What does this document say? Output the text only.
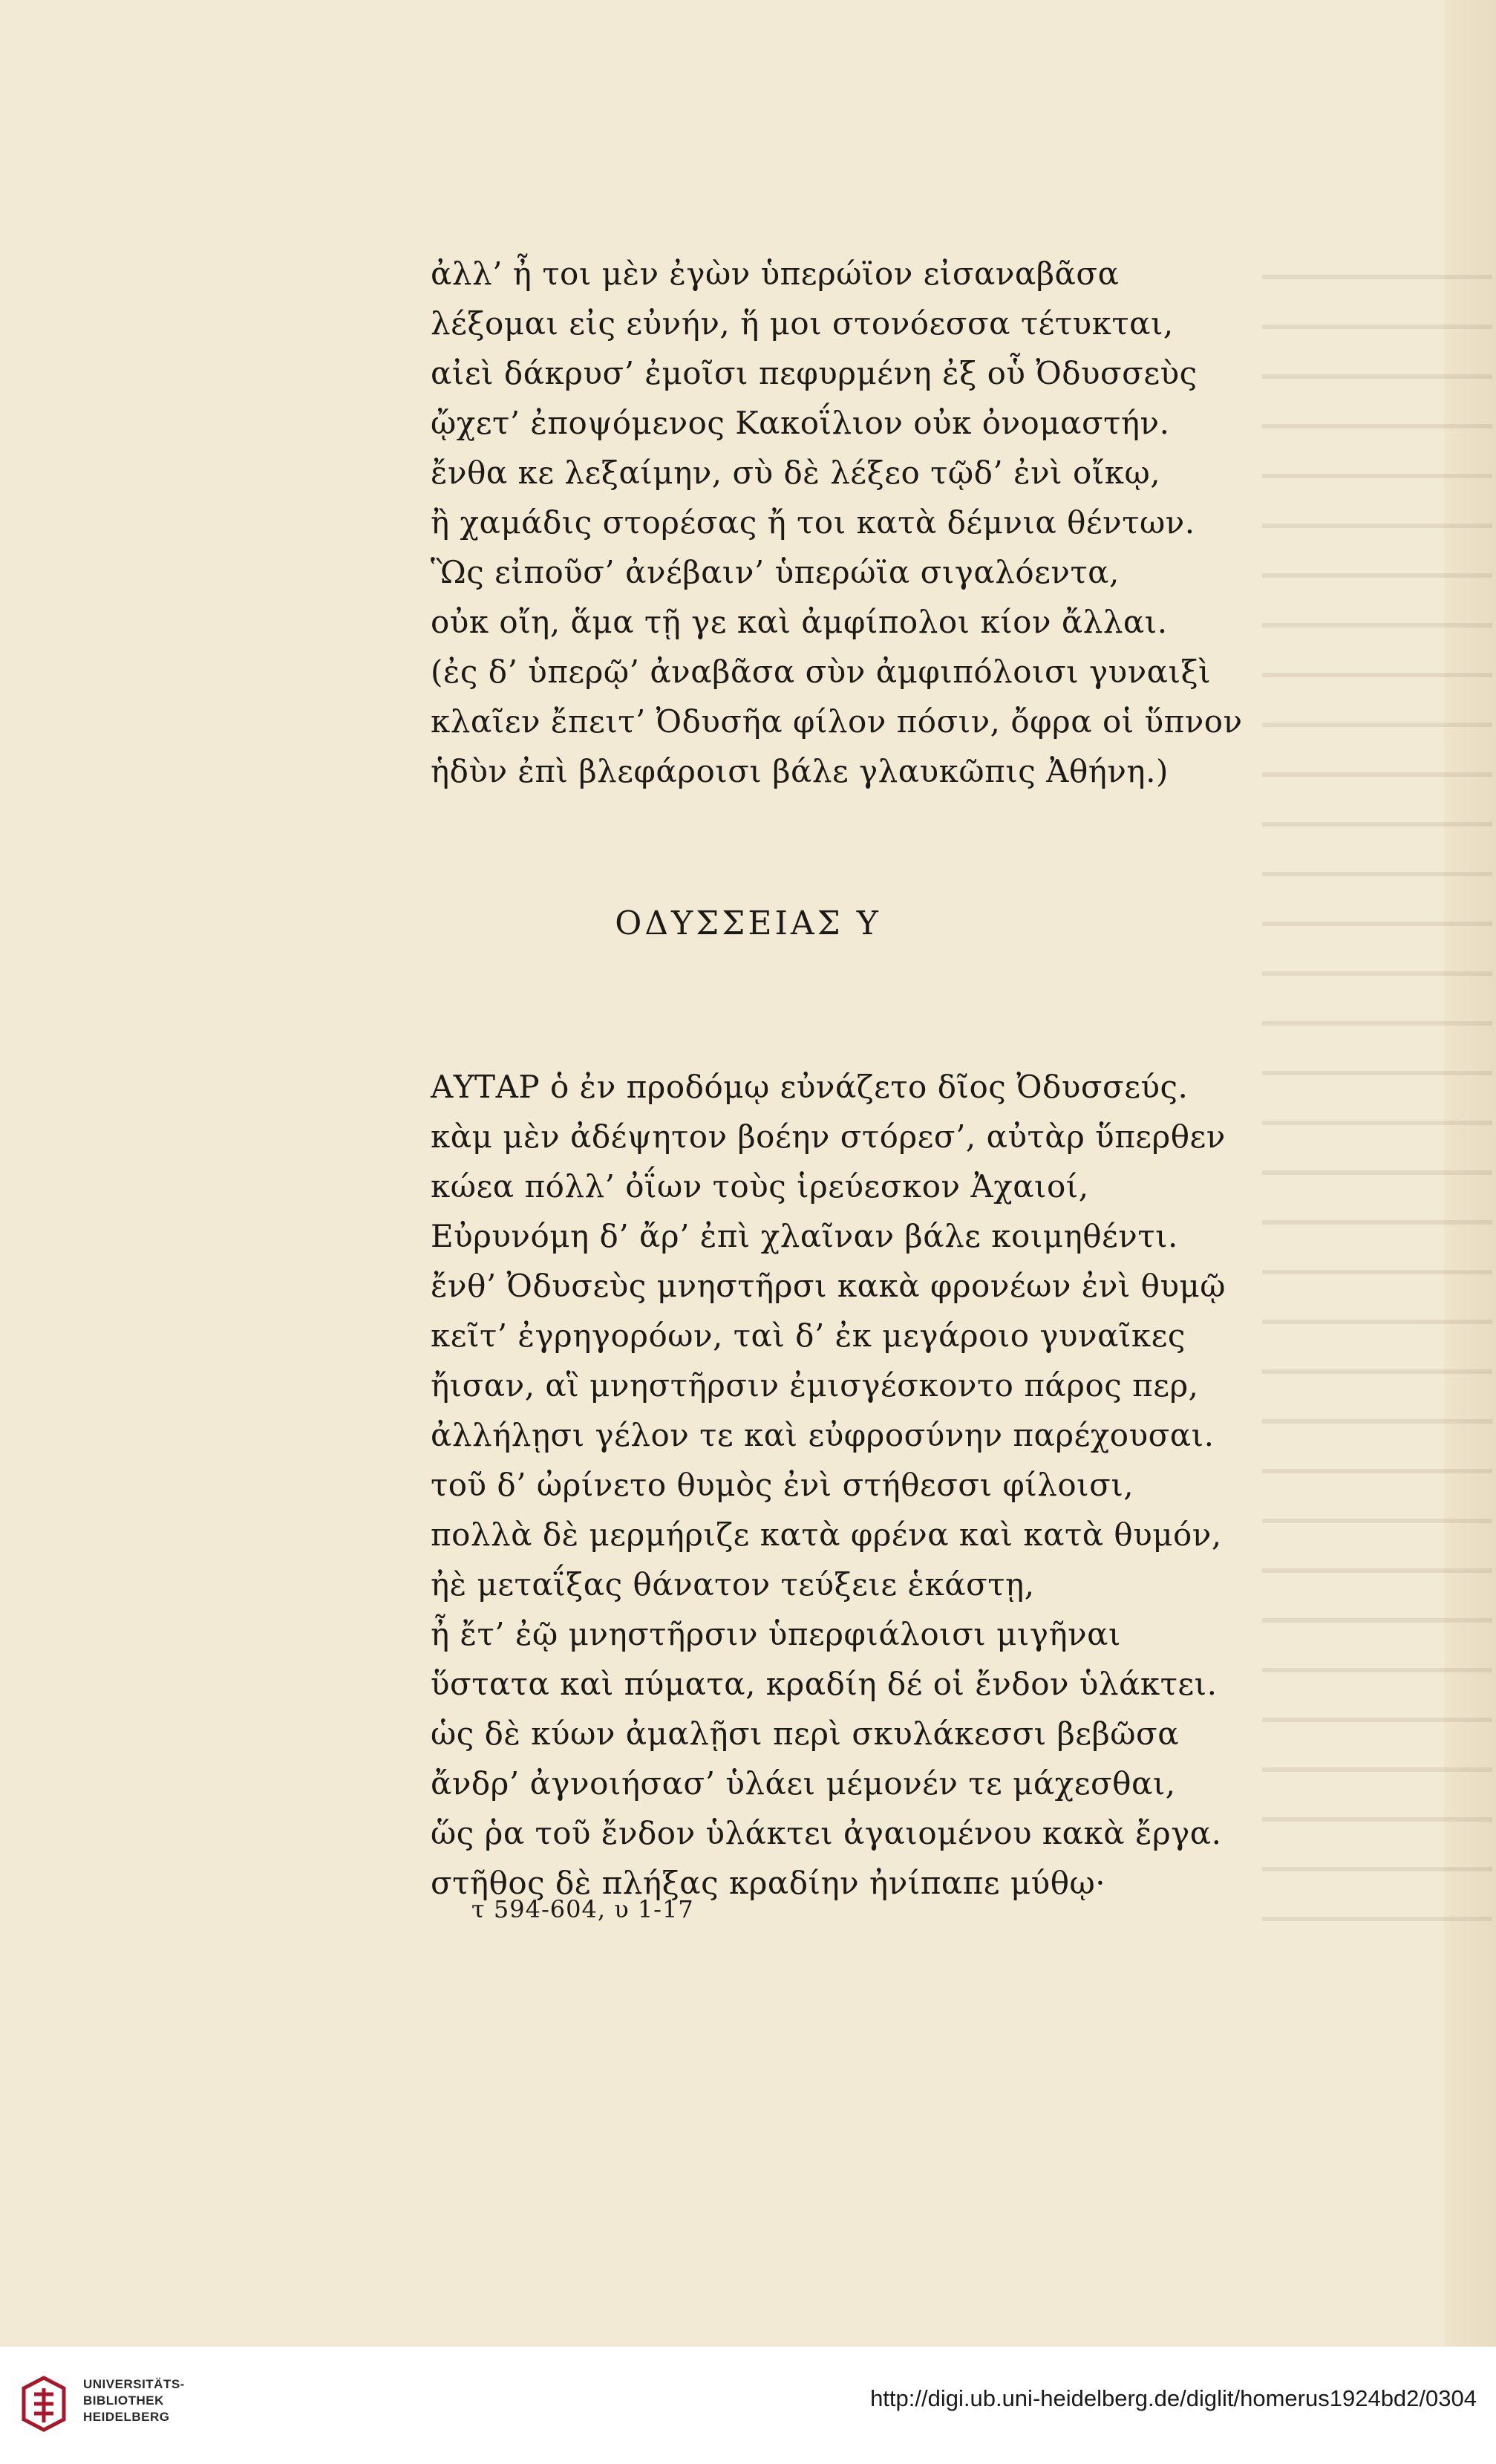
ἀλλ’ ἦ τοι μὲν ἐγὼν ὑπερώϊον εἰσαναβᾶσα
λέξομαι εἰς εὐνήν, ἥ μοι στονόεσσα τέτυκται,
αἰεὶ δάκρυσ’ ἐμοῖσι πεφυρμένη ἐξ οὗ Ὀδυσσεὺς
ᾤχετ’ ἐποψόμενος Κακοΐλιον οὐκ ὀνομαστήν.
ἔνθα κε λεξαίμην, σὺ δὲ λέξεο τῷδ’ ἐνὶ οἴκῳ,
ἢ χαμάδις στορέσας ἤ τοι κατὰ δέμνια θέντων.
Ὣς εἰποῦσ’ ἀνέβαιν’ ὑπερώϊα σιγαλόεντα,
οὐκ οἴη, ἅμα τῇ γε καὶ ἀμφίπολοι κίον ἄλλαι.
(ἐς δ’ ὑπερῷ’ ἀναβᾶσα σὺν ἀμφιπόλοισι γυναιξὶ
κλαῖεν ἔπειτ’ Ὀδυσῆα φίλον πόσιν, ὄφρα οἱ ὕπνον
ἡδὺν ἐπὶ βλεφάροισι βάλε γλαυκῶπις Ἀθήνη.)
ΟΔΥΣΣΕΙΑΣ Υ
ΑΥΤΑΡ ὁ ἐν προδόμῳ εὐνάζετο δῖος Ὀδυσσεύς.
κὰμ μὲν ἀδέψητον βοέην στόρεσ’, αὐτὰρ ὕπερθεν
κώεα πόλλ’ ὀΐων τοὺς ἱρεύεσκον Ἀχαιοί,
Εὐρυνόμη δ’ ἄρ’ ἐπὶ χλαῖναν βάλε κοιμηθέντι.
ἔνθ’ Ὀδυσεὺς μνηστῆρσι κακὰ φρονέων ἐνὶ θυμῷ
κεῖτ’ ἐγρηγορόων, ταὶ δ’ ἐκ μεγάροιο γυναῖκες
ἤισαν, αἳ μνηστῆρσιν ἐμισγέσκοντο πάρος περ,
ἀλλήλῃσι γέλον τε καὶ εὐφροσύνην παρέχουσαι.
τοῦ δ’ ὠρίνετο θυμὸς ἐνὶ στήθεσσι φίλοισι,
πολλὰ δὲ μερμήριζε κατὰ φρένα καὶ κατὰ θυμόν,
ἠὲ μεταΐξας θάνατον τεύξειε ἑκάστῃ,
ἦ ἔτ’ ἐῷ μνηστῆρσιν ὑπερφιάλοισι μιγῆναι
ὕστατα καὶ πύματα, κραδίη δέ οἱ ἔνδον ὑλάκτει.
ὡς δὲ κύων ἀμαλῇσι περὶ σκυλάκεσσι βεβῶσα
ἄνδρ’ ἀγνοιήσασ’ ὑλάει μέμονέν τε μάχεσθαι,
ὥς ῥα τοῦ ἔνδον ὑλάκτει ἀγαιομένου κακὰ ἔργα.
στῆθος δὲ πλήξας κραδίην ἠνίπαπε μύθῳ·
τ 594-604, υ 1-17
UNIVERSITÄTS-
BIBLIOTHEK
HEIDELBERG
http://digi.ub.uni-heidelberg.de/diglit/homerus1924bd2/0304
